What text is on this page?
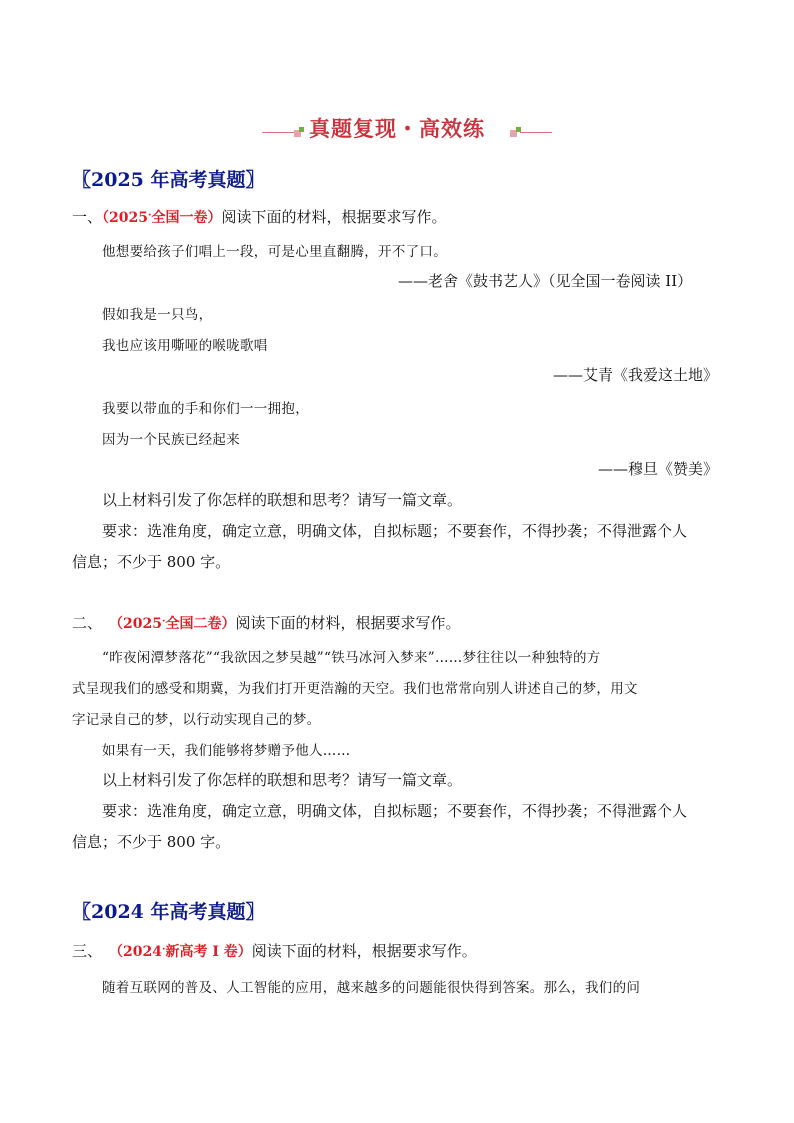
真题复现・高效练
〖2025 年高考真题〗
一、（2025·全国一卷）阅读下面的材料，根据要求写作。
他想要给孩子们唱上一段，可是心里直翻腾，开不了口。
——老舍《鼓书艺人》（见全国一卷阅读 II）
假如我是一只鸟，
我也应该用嘶哑的喉咙歌唱
——艾青《我爱这土地》
我要以带血的手和你们一一拥抱，
因为一个民族已经起来
——穆旦《赞美》
以上材料引发了你怎样的联想和思考？请写一篇文章。
要求：选准角度，确定立意，明确文体，自拟标题；不要套作，不得抄袭；不得泄露个人
信息；不少于 800 字。
二、 （2025·全国二卷）阅读下面的材料，根据要求写作。
“昨夜闲潭梦落花”“我欲因之梦吴越”“铁马冰河入梦来”……梦往往以一种独特的方
式呈现我们的感受和期冀，为我们打开更浩瀚的天空。我们也常常向别人讲述自己的梦，用文
字记录自己的梦，以行动实现自己的梦。
如果有一天，我们能够将梦赠予他人……
以上材料引发了你怎样的联想和思考？请写一篇文章。
要求：选准角度，确定立意，明确文体，自拟标题；不要套作，不得抄袭；不得泄露个人
信息；不少于 800 字。
〖2024 年高考真题〗
三、 （2024·新高考 I 卷）阅读下面的材料，根据要求写作。
随着互联网的普及、人工智能的应用，越来越多的问题能很快得到答案。那么，我们的问
